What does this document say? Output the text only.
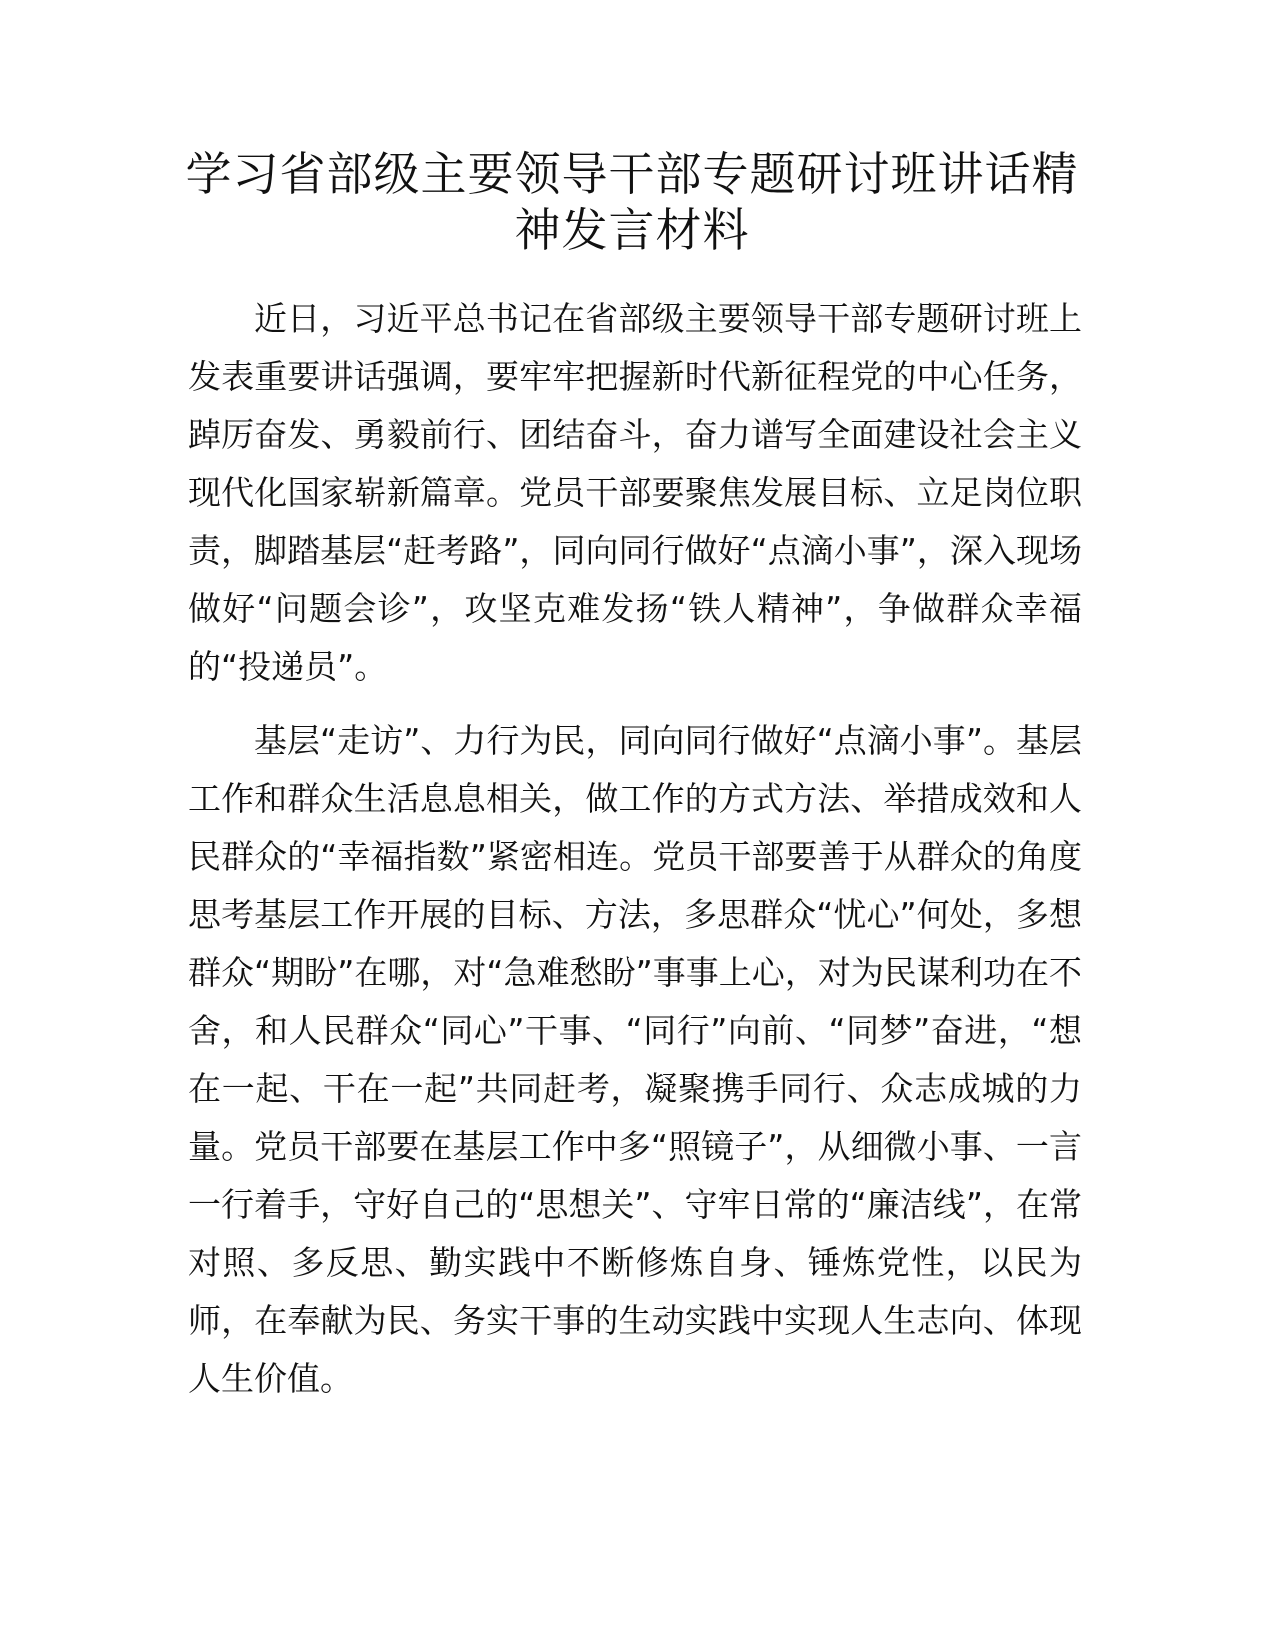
学习省部级主要领导干部专题研讨班讲话精神发言材料

近日，习近平总书记在省部级主要领导干部专题研讨班上发表重要讲话强调，要牢牢把握新时代新征程党的中心任务，踔厉奋发、勇毅前行、团结奋斗，奋力谱写全面建设社会主义现代化国家崭新篇章。党员干部要聚焦发展目标、立足岗位职责，脚踏基层“赶考路”，同向同行做好“点滴小事”，深入现场做好“问题会诊”，攻坚克难发扬“铁人精神”，争做群众幸福的“投递员”。

基层“走访”、力行为民，同向同行做好“点滴小事”。基层工作和群众生活息息相关，做工作的方式方法、举措成效和人民群众的“幸福指数”紧密相连。党员干部要善于从群众的角度思考基层工作开展的目标、方法，多思群众“忧心”何处，多想群众“期盼”在哪，对“急难愁盼”事事上心，对为民谋利功在不舍，和人民群众“同心”干事、“同行”向前、“同梦”奋进，“想在一起、干在一起”共同赶考，凝聚携手同行、众志成城的力量。党员干部要在基层工作中多“照镜子”，从细微小事、一言一行着手，守好自己的“思想关”、守牢日常的“廉洁线”，在常对照、多反思、勤实践中不断修炼自身、锤炼党性，以民为师，在奉献为民、务实干事的生动实践中实现人生志向、体现人生价值。
